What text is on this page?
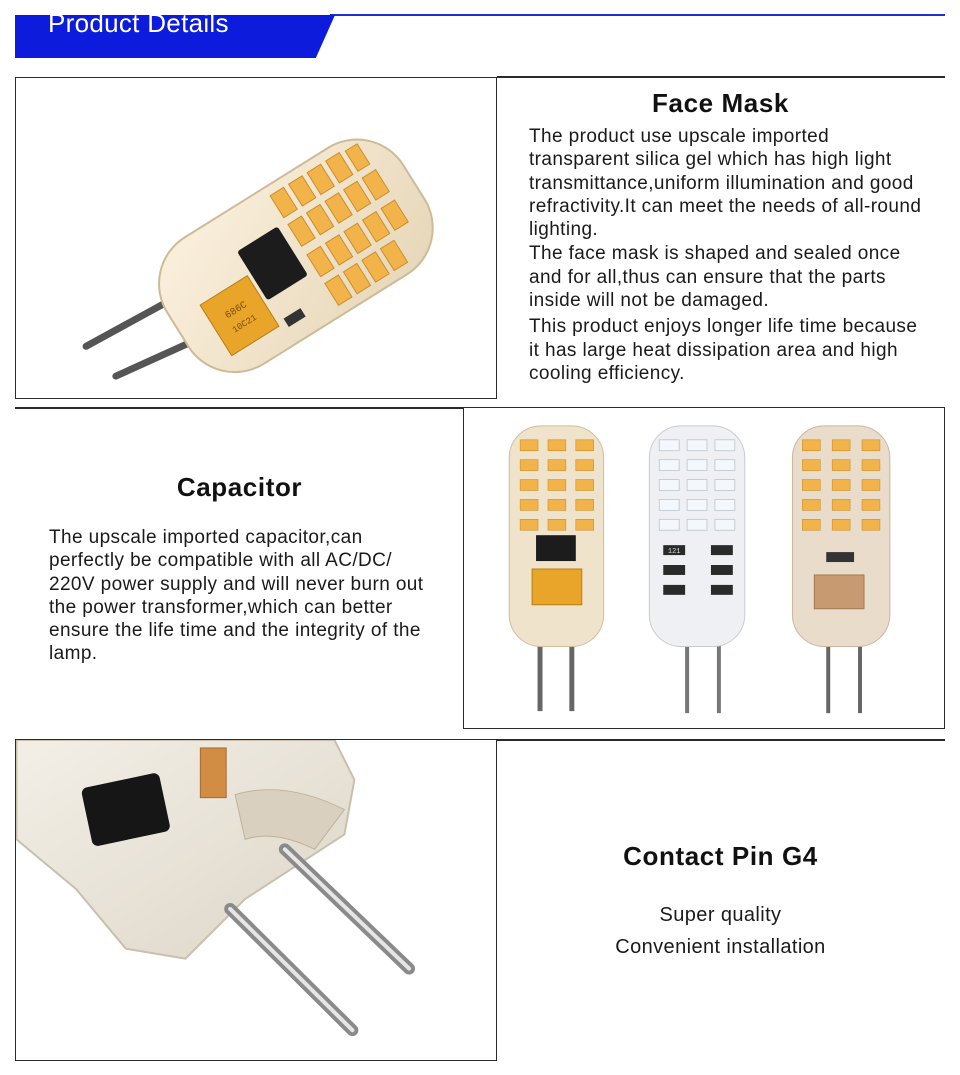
Product Details
686C
10C21
Face Mask

The product use upscale imported transparent silica gel which has high light transmittance,uniform illumination and good refractivity.It can meet the needs of all-round lighting.

The face mask is shaped and sealed once and for all,thus can ensure that the parts inside will not be damaged.

This product enjoys longer life time because it has large heat dissipation area and high cooling efficiency.

Capacitor
The upscale imported capacitor,can perfectly be compatible with all AC/DC/ 220V power supply and will never burn out the power transformer,which can better ensure the life time and the integrity of the lamp.
121
Contact Pin G4
Super quality
Convenient installation
